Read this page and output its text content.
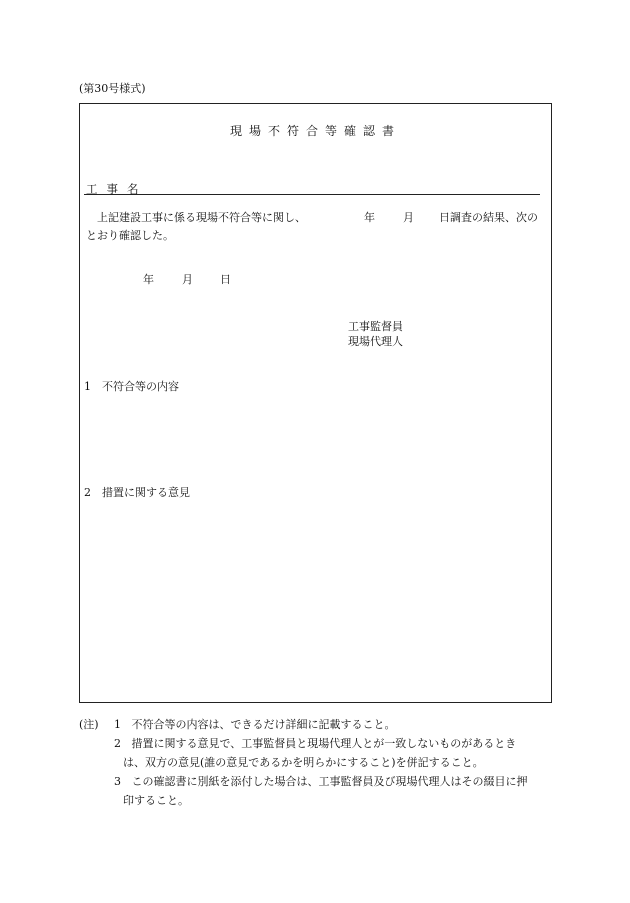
(第30号様式)
現場不符合等確認書
工事名
上記建設工事に係る現場不符合等に関し、	年	月 日調査の結果、次の
とおり確認した。
年	月 日
工事監督員
現場代理人
1 不符合等の内容
2 措置に関する意見
(注) 1 不符合等の内容は、できるだけ詳細に記載すること。
2 措置に関する意見で、工事監督員と現場代理人とが一致しないものがあるとき
は、双方の意見(誰の意見であるかを明らかにすること)を併記すること。
3 この確認書に別紙を添付した場合は、工事監督員及び現場代理人はその綴目に押
印すること。
